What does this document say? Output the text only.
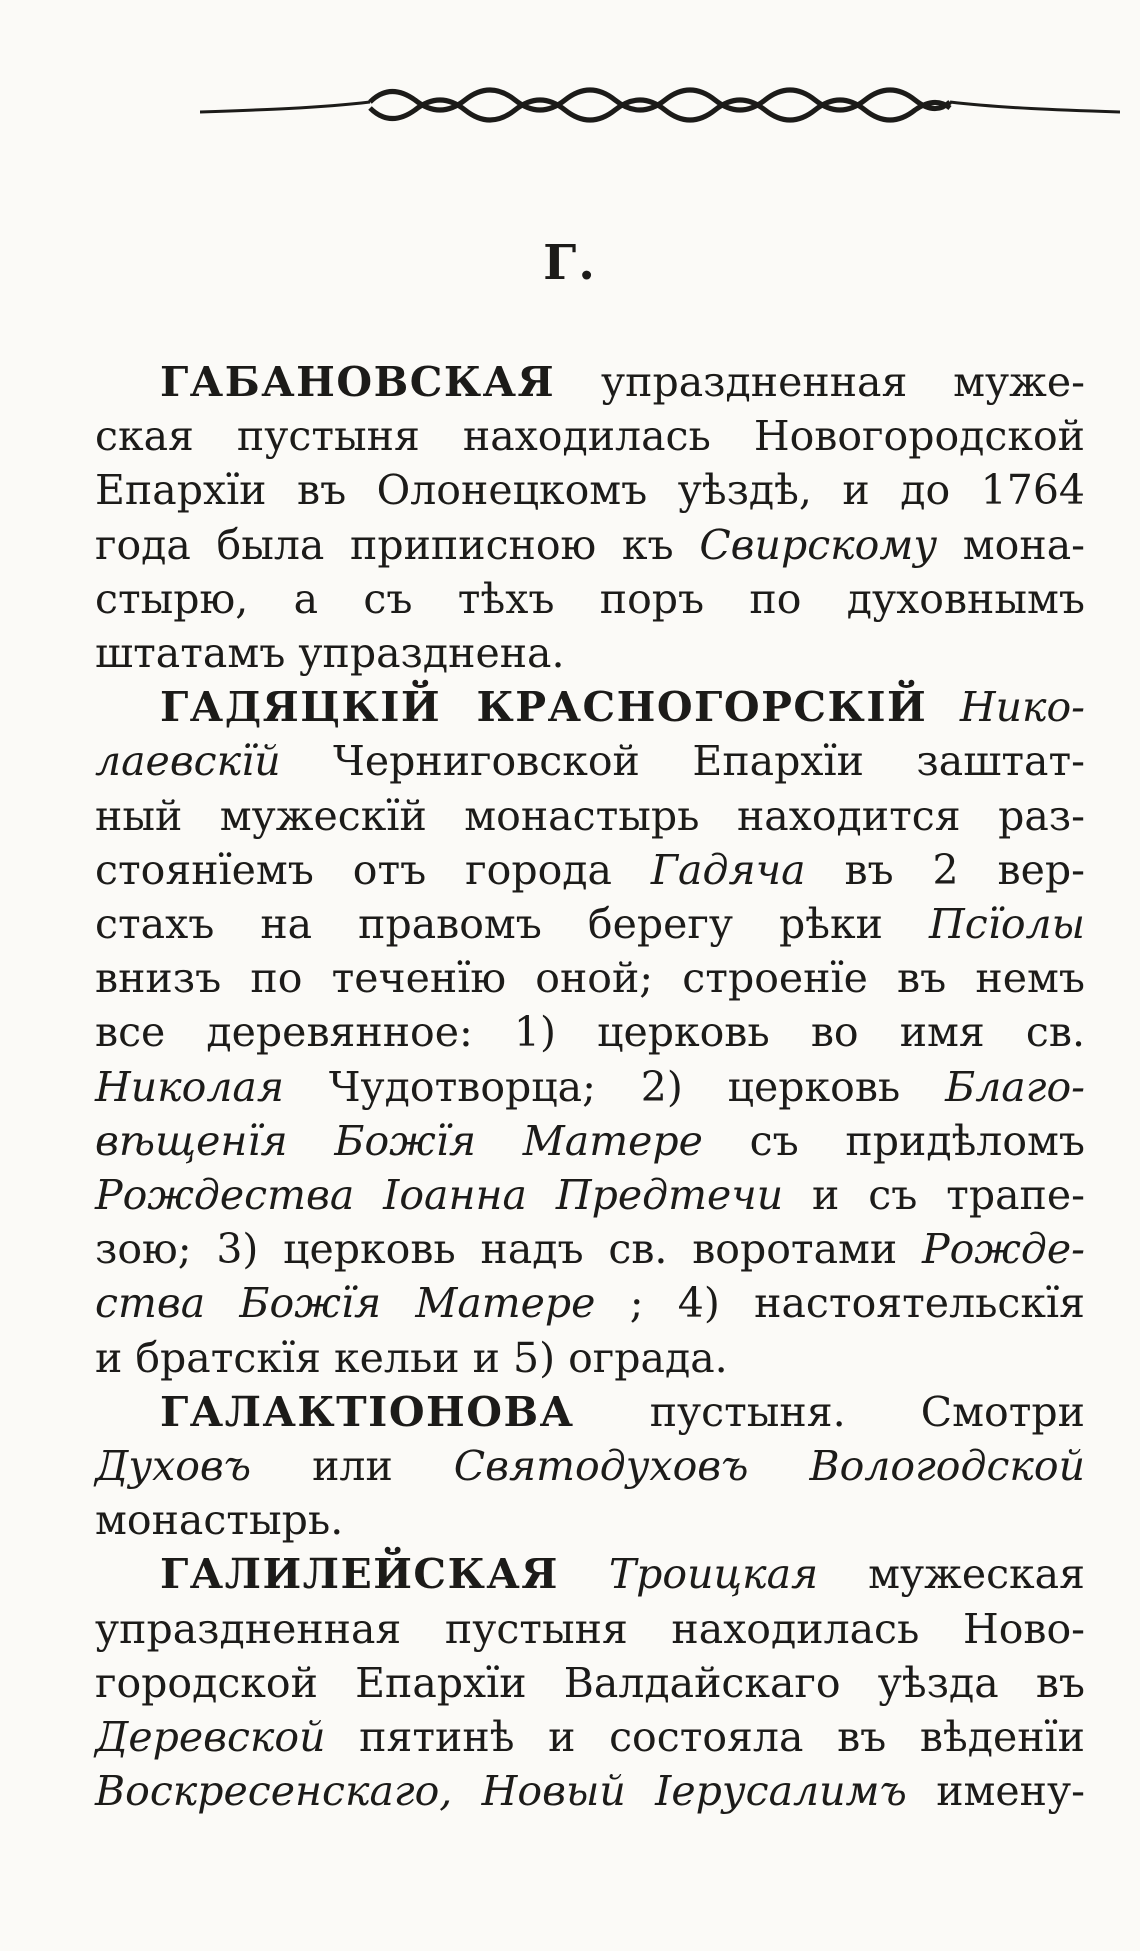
Г.
ГАБАНОВСКАЯ упраздненная муже-
ская пустыня находилась Новогородской
Епархїи въ Олонецкомъ уѣздѣ, и до 1764
года была приписною къ Свирскому мона-
стырю, а съ тѣхъ поръ по духовнымъ
штатамъ упразднена.
ГАДЯЦКІЙ КРАСНОГОРСКІЙ Нико-
лаевскїй Черниговской Епархїи заштат-
ный мужескїй монастырь находится раз-
стоянїемъ отъ города Гадяча въ 2 вер-
стахъ на правомъ берегу рѣки Псїолы
внизъ по теченїю оной; строенїе въ немъ
все деревянное: 1) церковь во имя св.
Николая Чудотворца; 2) церковь Благо-
вѣщенїя Божїя Матере съ придѣломъ
Рождества Іоанна Предтечи и съ трапе-
зою; 3) церковь надъ св. воротами Рожде-
ства Божїя Матере ; 4) настоятельскїя
и братскїя кельи и 5) ограда.
ГАЛАКТІОНОВА пустыня. Смотри
Духовъ или Святодуховъ Вологодской
монастырь.
ГАЛИЛЕЙСКАЯ Троицкая мужеская
упраздненная пустыня находилась Ново-
городской Епархїи Валдайскаго уѣзда въ
Деревской пятинѣ и состояла въ вѣденїи
Воскресенскаго, Новый Іерусалимъ имену-
